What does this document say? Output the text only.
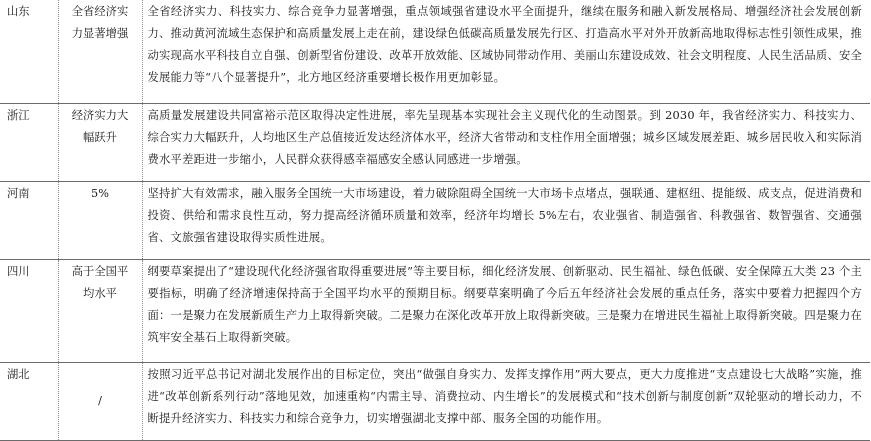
山东	全省经济实力显著增强	全省经济实力、科技实力、综合竞争力显著增强，重点领域强省建设水平全面提升，继续在服务和融入新发展格局、增强经济社会发展创新力、推动黄河流域生态保护和高质量发展上走在前，建设绿色低碳高质量发展先行区、打造高水平对外开放新高地取得标志性引领性成果，推动实现高水平科技自立自强、创新型省份建设、改革开放效能、区域协同带动作用、美丽山东建设成效、社会文明程度、人民生活品质、安全发展能力等“八个显著提升”，北方地区经济重要增长极作用更加彰显。
浙江	经济实力大幅跃升	高质量发展建设共同富裕示范区取得决定性进展，率先呈现基本实现社会主义现代化的生动图景。到 2030 年，我省经济实力、科技实力、综合实力大幅跃升，人均地区生产总值接近发达经济体水平，经济大省带动和支柱作用全面增强；城乡区域发展差距、城乡居民收入和实际消费水平差距进一步缩小，人民群众获得感幸福感安全感认同感进一步增强。
河南	5%	坚持扩大有效需求，融入服务全国统一大市场建设，着力破除阻碍全国统一大市场卡点堵点，强联通、建枢纽、提能级、成支点，促进消费和投资、供给和需求良性互动，努力提高经济循环质量和效率，经济年均增长 5%左右，农业强省、制造强省、科教强省、数智强省、交通强省、文旅强省建设取得实质性进展。
四川	高于全国平均水平	纲要草案提出了“建设现代化经济强省取得重要进展”等主要目标，细化经济发展、创新驱动、民生福祉、绿色低碳、安全保障五大类 23 个主要指标，明确了经济增速保持高于全国平均水平的预期目标。纲要草案明确了今后五年经济社会发展的重点任务，落实中要着力把握四个方面：一是聚力在发展新质生产力上取得新突破。二是聚力在深化改革开放上取得新突破。三是聚力在增进民生福祉上取得新突破。四是聚力在筑牢安全基石上取得新突破。
湖北	/	按照习近平总书记对湖北发展作出的目标定位，突出“做强自身实力、发挥支撑作用”两大要点，更大力度推进“支点建设七大战略”实施，推进“改革创新系列行动”落地见效，加速重构“内需主导、消费拉动、内生增长”的发展模式和“技术创新与制度创新”双轮驱动的增长动力，不断提升经济实力、科技实力和综合竞争力，切实增强湖北支撑中部、服务全国的功能作用。
